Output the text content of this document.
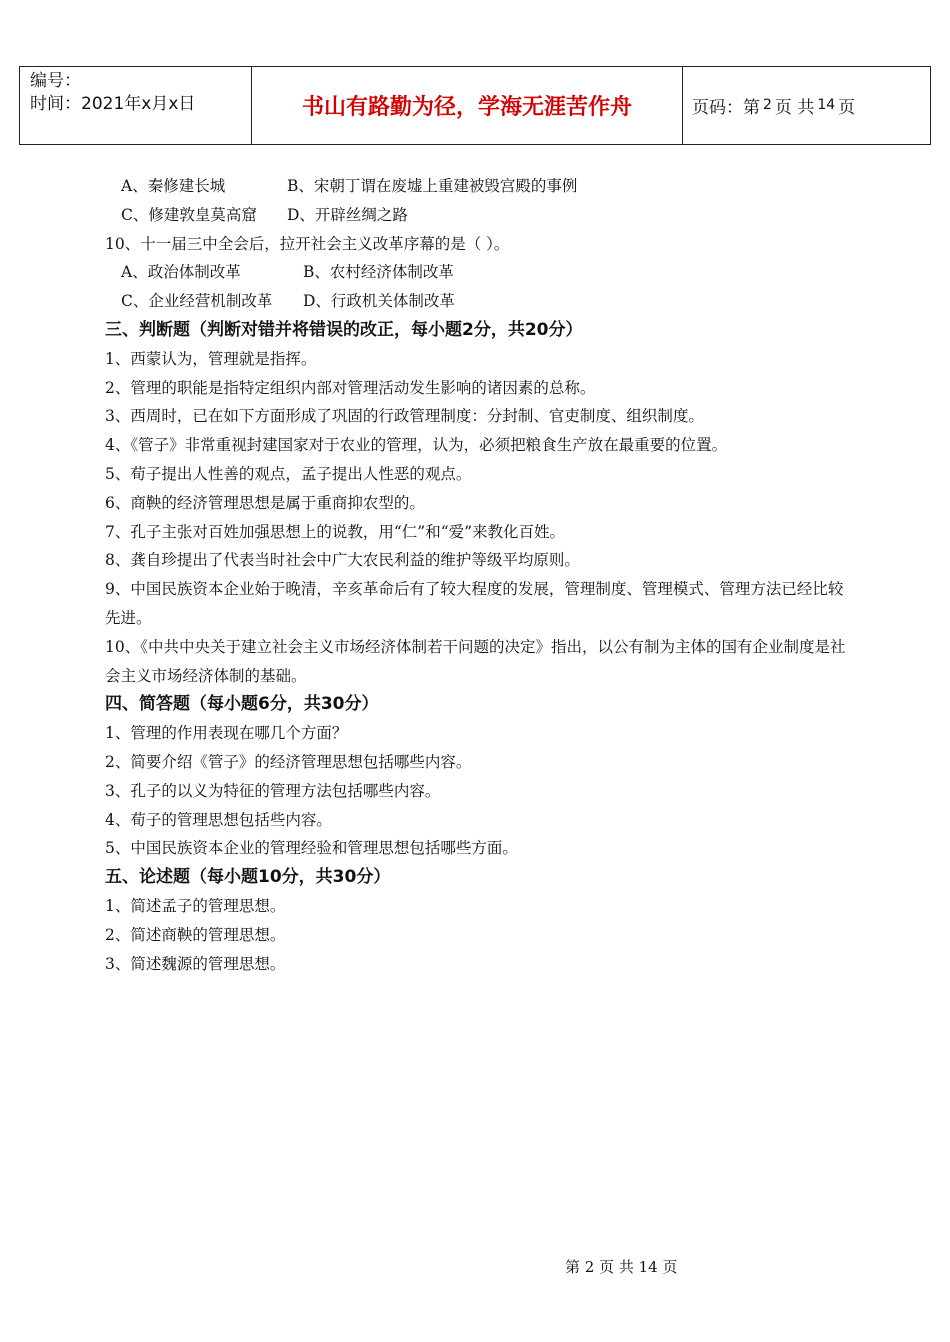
编号：
时间：2021年x月x日	书山有路勤为径，学海无涯苦作舟	页码：第 2 页 共 14 页
A、秦修建长城	B、宋朝丁谓在废墟上重建被毁宫殿的事例
C、修建敦皇莫高窟 D、开辟丝绸之路
10、十一届三中全会后，拉开社会主义改革序幕的是（ ）。
A、政治体制改革	B、农村经济体制改革
C、企业经营机制改革 D、行政机关体制改革
三、判断题（判断对错并将错误的改正，每小题2分，共20分）
1、西蒙认为，管理就是指挥。
2、管理的职能是指特定组织内部对管理活动发生影响的诸因素的总称。
3、西周时，已在如下方面形成了巩固的行政管理制度：分封制、官吏制度、组织制度。
4、《管子》非常重视封建国家对于农业的管理，认为，必须把粮食生产放在最重要的位置。
5、荀子提出人性善的观点，孟子提出人性恶的观点。
6、商鞅的经济管理思想是属于重商抑农型的。
7、孔子主张对百姓加强思想上的说教，用“仁”和“爱”来教化百姓。
8、龚自珍提出了代表当时社会中广大农民利益的维护等级平均原则。
9、中国民族资本企业始于晚清，辛亥革命后有了较大程度的发展，管理制度、管理模式、管理方法已经比较先进。
10、《中共中央关于建立社会主义市场经济体制若干问题的决定》指出，以公有制为主体的国有企业制度是社会主义市场经济体制的基础。
四、简答题（每小题6分，共30分）
1、管理的作用表现在哪几个方面？
2、简要介绍《管子》的经济管理思想包括哪些内容。
3、孔子的以义为特征的管理方法包括哪些内容。
4、荀子的管理思想包括些内容。
5、中国民族资本企业的管理经验和管理思想包括哪些方面。
五、论述题（每小题10分，共30分）
1、简述孟子的管理思想。
2、简述商鞅的管理思想。
3、简述魏源的管理思想。
第 2 页 共 14 页
